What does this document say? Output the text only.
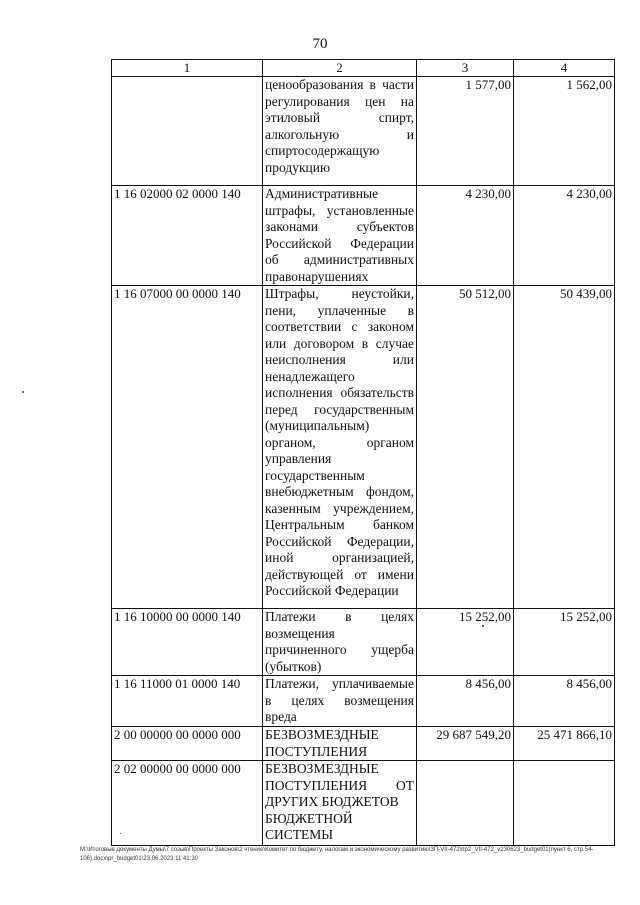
70
1	2	3	4
	ценообразования в части регулирования цен на этиловый спирт, алкогольную и спиртосодержащую продукцию	1 577,00	1 562,00
1 16 02000 02 0000 140	Административные штрафы, установленные законами субъектов Российской Федерации об административных правонарушениях	4 230,00	4 230,00
1 16 07000 00 0000 140	Штрафы, неустойки, пени, уплаченные в соответствии с законом или договором в случае неисполнения или ненадлежащего исполнения обязательств перед государственным (муниципальным) органом, органом управления государственным внебюджетным фондом, казенным учреждением, Центральным банком Российской Федерации, иной организацией, действующей от имени Российской Федерации	50 512,00	50 439,00
1 16 10000 00 0000 140	Платежи в целях возмещения причиненного ущерба (убытков)	15 252,00	15 252,00
1 16 11000 01 0000 140	Платежи, уплачиваемые в целях возмещения вреда	8 456,00	8 456,00
2 00 00000 00 0000 000	БЕЗВОЗМЕЗДНЫЕ
ПОСТУПЛЕНИЯ	29 687 549,20	25 471 866,10
2 02 00000 00 0000 000	БЕЗВОЗМЕЗДНЫЕ
ПОСТУПЛЕНИЯ ОТ
ДРУГИХ БЮДЖЕТОВ
БЮДЖЕТНОЙ
СИСТЕМЫ		

M:\Итоговые документы Думы\7 созыв\Проекты Законов\2 чтение\Комитет по бюджету, налогам и экономическому развитию\ЗП-VII-472\пр2_VII-472_v230623_budget01(пункт 6, стр.54-106).docx\pr_budget01\23.06.2023 11:41:30
